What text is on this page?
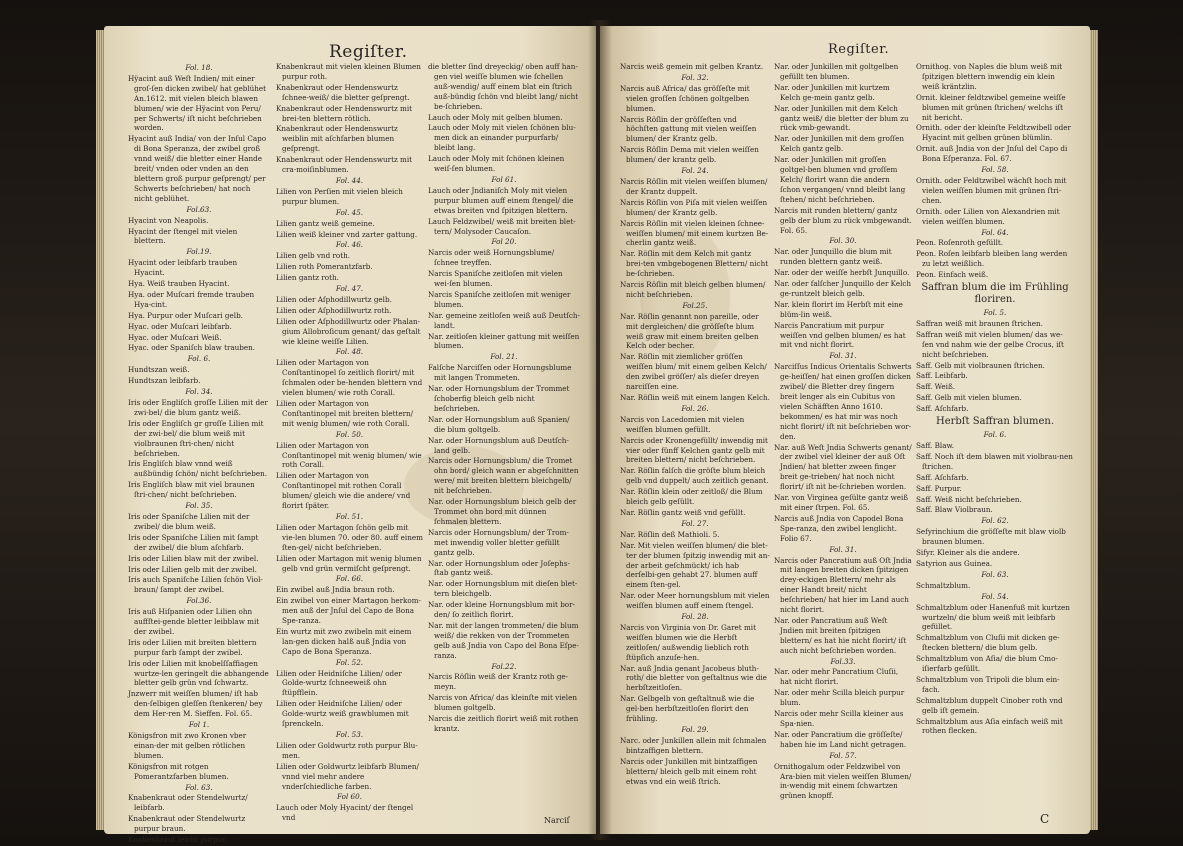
Regiſter.

Fol. 18.

Hÿacint auß Weſt Indien/ mit einer groſ-ſen dicken zwibel/ hat geblühet An.1612. mit vielen bleich blawen blumen/ wie der Hÿacint von Peru/ per Schwerts/ iſt nicht beſchrieben worden.

Hyacint auß India/ von der Inſul Capo di Bona Speranza, der zwibel groß vnnd weiß/ die bletter einer Hande breit/ vnden oder vnden an den blettern groß purpur geſprengt/ per Schwerts beſchrieben/ hat noch nicht geblühet.

Fol.63.

Hyacint von Neapolis.

Hyacint der ſtengel mit vielen blettern.

Fol.19.

Hyacint oder leibfarb trauben Hyacint.

Hya. Weiß trauben Hyacint.

Hya. oder Muſcari fremde trauben Hya-cint.

Hya. Purpur oder Muſcari gelb.

Hyac. oder Muſcari leibfarb.

Hyac. oder Muſcari Weiß.

Hyac. oder Spaniſch blaw trauben.

Fol. 6.

Hundtszan weiß.

Hundtszan leibfarb.

Fol. 34.

Iris oder Engliſch groſſe Lilien mit der zwi-bel/ die blum gantz weiß.

Iris oder Engliſch gr groſſe Lilien mit der zwi-bel/ die blum weiß mit violbraunen ſtri-chen/ nicht beſchrieben.

Iris Engliſch blaw vnnd weiß außbündig ſchön/ nicht beſchrieben.

Iris Engliſch blaw mit viel braunen ſtri-chen/ nicht beſchrieben.

Fol. 35.

Iris oder Spaniſche Lilien mit der zwibel/ die blum weiß.

Iris oder Spaniſche Lilien mit ſampt der zwibel/ die blum aſchfarb.

Iris oder Lilien blaw mit der zwibel.

Iris oder Lilien gelb mit der zwibel.

Iris auch Spaniſche Lilien ſchön Viol-braun/ ſampt der zwibel.

Fol.36.

Iris auß Hiſpanien oder Lilien ohn auffſtei-gende bletter leibblaw mit der zwibel.

Iris oder Lilien mit breiten blettern purpur farb ſampt der zwibel.

Iris oder Lilien mit knobelſſaffiagen wurtze-len geringelt die abhangende bletter gelb grün vnd ſchwartz.

Jnzwerr mit weiſſen blumen/ iſt hab den-ſelbigen gleſſen ſtenkeren/ bey dem Her-ren M. Sieffen. Fol. 65.

Fol 1.

Königsfron mit zwo Kronen vber einan-der mit gelben rötlichen blumen.

Königsfron mit rotgen Pomerantzfarben blumen.

Fol. 63.

Knabenkraut oder Stendelwurtz/ leibfarb.

Knabenkraut oder Stendelwurtz purpur braun.

Knabenkraut leicht purpur.

Knabenkraut mit vielen kleinen Blumen purpur roth.

Knabenkraut oder Hendenswurtz ſchnee-weiß/ die bletter geſprengt.

Knabenkraut oder Hendenswurtz mit brei-ten blettern rötlich.

Knabenkraut oder Hendenswurtz weiblin mit aſchfarben blumen geſprengt.

Knabenkraut oder Hendenswurtz mit cra-moiſinblumen.

Fol. 44.

Lilien von Perſien mit vielen bleich purpur blumen.

Fol. 45.

Lilien gantz weiß gemeine.

Lilien weiß kleiner vnd zarter gattung.

Fol. 46.

Lilien gelb vnd roth.

Lilien roth Pomerantzfarb.

Lilien gantz roth.

Fol. 47.

Lilien oder Aſphodillwurtz gelb.

Lilien oder Aſphodillwurtz roth.

Lilien oder Aſphodillwurtz oder Phalan-gium Allobroſicum genant/ das geſtalt wie kleine weiſſe Lilien.

Fol. 48.

Lilien oder Martagon von Conſtantinopel ſo zeitlich florirt/ mit ſchmalen oder be-henden blettern vnd vielen blumen/ wie roth Corall.

Lilien oder Martagon von Conſtantinopel mit breiten blettern/ mit wenig blumen/ wie roth Corall.

Fol. 50.

Lilien oder Martagon von Conſtantinopel mit wenig blumen/ wie roth Corall.

Lilien oder Martagon von Conſtantinopel mit rothen Corall blumen/ gleich wie die andere/ vnd florirt ſpäter.

Fol. 51.

Lilien oder Martagon ſchön gelb mit vie-len blumen 70. oder 80. auff einem ſten-gel/ nicht beſchrieben.

Lilien oder Martagon mit wenig blumen gelb vnd grün vermiſcht geſprengt.

Fol. 66.

Ein zwibel auß Jndia braun roth.

Ein zwibel von einer Martagon herkom-men auß der Jnſul del Capo de Bona Spe-ranza.

Ein wurtz mit zwo zwibeln mit einem lan-gen dicken halß auß Jndia von Capo de Bona Speranza.

Fol. 52.

Lilien oder Heidniſche Lilien/ oder Golde-wurtz ſchneeweiß ohn ſtüpfflein.

Lilien oder Heidniſche Lilien/ oder Golde-wurtz weiß grawblumen mit ſprenckeln.

Fol. 53.

Lilien oder Goldwurtz roth purpur Blu-men.

Lilien oder Goldwurtz leibfarb Blumen/ vnnd viel mehr andere vnderſchiedliche farben.

Fol 60.

Lauch oder Moly Hyacint/ der ſtengel vnd

die bletter ſind dreyeckig/ oben auff han-gen viel weiſſe blumen wie ſchellen auß-wendig/ auff einem blat ein ſtrich auß-bündig ſchön vnd bleibt lang/ nicht be-ſchrieben.

Lauch oder Moly mit gelben blumen.

Lauch oder Moly mit vielen ſchönen blu-men dick an einander purpurfarb/ bleibt lang.

Lauch oder Moly mit ſchönen kleinen weiſ-ſen blumen.

Fol 61.

Lauch oder Jndianiſch Moly mit vielen purpur blumen auff einem ſtengel/ die etwas breiten vnd ſpitzigen blettern.

Lauch Feldzwibel/ weiß mit breiten blet-tern/ Molysoder Caucaſon.

Fol 20.

Narcis oder weiß Hornungsblume/ ſchnee treyffen.

Narcis Spaniſche zeitloſen mit vielen wei-ſen blumen.

Narcis Spaniſche zeitloſen mit weniger blumen.

Nar. gemeine zeitloſen weiß auß Deutſch-landt.

Nar. zeitloſen kleiner gattung mit weiſſen blumen.

Fol. 21.

Falſche Narciſſen oder Hornungsblume mit langen Trommeten.

Nar. oder Hornungsblum der Trommet ſchoberfig bleich gelb nicht beſchrieben.

Nar. oder Hornungsblum auß Spanien/ die blum goltgelb.

Nar. oder Hornungsblum auß Deutſch-land gelb.

Narcis oder Hornungsblum/ die Tromet ohn bord/ gleich wann er abgeſchnitten were/ mit breiten blettern bleichgelb/ nit beſchrieben.

Nar. oder Hornungsblum bleich gelb der Trommet ohn bord mit dünnen ſchmalen blettern.

Narcis oder Hornungsblum/ der Trom-met inwendig voller bletter gefüllt gantz gelb.

Nar. oder Hornungsblum oder Joſephs-ſtab gantz weiß.

Nar. oder Hornungsblum mit dieſen blet-tern bleichgelb.

Nar. oder kleine Hornungsblum mit bor-den/ ſo zeitlich florirt.

Nar. mit der langen trommeten/ die blum weiß/ die rekken von der Trommeten gelb auß Jndia von Capo del Bona Eſpe-ranza.

Fol.22.

Narcis Röſlin weiß der Krantz roth ge-meyn.

Narcis von Africa/ das kleinſte mit vielen blumen goltgelb.

Narcis die zeitlich florirt weiß mit rothen krantz.

Narciſ
Regiſter.

Narcis weiß gemein mit gelben Krantz.

Fol. 32.

Narcis auß Africa/ das gröſſeſte mit vielen groſſen ſchönen goltgelben blumen.

Narcis Röſlin der gröſſeſten vnd höchſten gattung mit vielen weiſſen blumen/ der Krantz gelb.

Narcis Röſlin Dema mit vielen weiſſen blumen/ der krantz gelb.

Fol. 24.

Narcis Röſlin mit vielen weiſſen blumen/ der Krantz duppelt.

Narcis Röſlin von Piſa mit vielen weiſſen blumen/ der Krantz gelb.

Narcis Röſlin mit vielen kleinen ſchnee-weiſſen blumen/ mit einem kurtzen Be-cherlin gantz weiß.

Nar. Röſlin mit dem Kelch mit gantz brei-ten vmbgebogenen Blettern/ nicht be-ſchrieben.

Narcis Röſlin mit bleich gelben blumen/ nicht beſchrieben.

Fol.25.

Nar. Röſlin genannt non pareille, oder mit dergleichen/ die gröſſeſte blum weiß graw mit einem breiten gelben Kelch oder becher.

Nar. Röſlin mit ziemlicher gröſſen weiſſen blum/ mit einem gelben Kelch/ den zwibel gröſſer/ als dieſer dreyen narciſſen eine.

Nar. Röſlin weiß mit einem langen Kelch.

Fol. 26.

Narcis von Lacedomien mit vielen weiſſen blumen gefüllt.

Narcis oder Kronengefüllt/ inwendig mit vier oder fünff Kelchen gantz gelb mit breiten blettern/ nicht beſchrieben.

Nar. Röſlin falſch die gröſte blum bleich gelb vnd duppelt/ auch zeitlich genant.

Nar. Röſlin klein oder zeitloß/ die Blum bleich gelb geſüllt.

Nar. Röſlin gantz weiß vnd gefüllt.

Fol. 27.

Nar. Röſlin deß Mathioli. 5.

Nar. Mit vielen weiſſen blumen/ die blet-ter der blumen ſpitzig inwendig mit an-der arbeit geſchmückt/ ich hab derſelbi-gen gehabt 27. blumen auff einem ſten-gel.

Nar. oder Meer hornungsblum mit vielen weiſſen blumen auff einem ſtengel.

Fol. 28.

Narcis von Virginia von Dr. Garet mit weiſſen blumen wie die Herbſt zeitloſen/ außwendig lieblich roth ſtüpſich anzuſe-hen.

Nar. auß Jndia genant Jacobeus bluth-roth/ die bletter von geſtaltnus wie die herbſtzeitloſen.

Nar. Gelbgelb von geſtaltnuß wie die gel-ben herbſtzeitloſen florirt den frühling.

Fol. 29.

Narc. oder Junkillen allein mit ſchmalen bintzaffigen blettern.

Narcis oder Junkillen mit bintzaffigen blettern/ bleich gelb mit einem roht etwas vnd ein weiß ſtrich.

Nar. oder Junkillen mit goltgelben gefüllt ten blumen.

Nar. oder Junkillen mit kurtzem Kelch ge-mein gantz gelb.

Nar. oder Junkillen mit dem Kelch gantz weiß/ die bletter der blum zu rück vmb-gewandt.

Nar. oder Junkillen mit dem groſſen Kelch gantz gelb.

Nar. oder Junkillen mit groſſen goltgel-ben blumen vnd groſſem Kelch/ florirt wann die andern ſchon vergangen/ vnnd bleibt lang ſtehen/ nicht beſchrieben.

Narcis mit runden blettern/ gantz gelb der blum zu rück vmbgewandt. Fol. 65.

Fol. 30.

Nar. oder Junquillo die blum mit runden blettern gantz weiß.

Nar. oder der weiſſe herbſt Junquillo.

Nar. oder falſcher Junquillo der Kelch ge-runtzelt bleich gelb.

Nar. klein florirt im Herbſt mit eine blüm-lin weiß.

Narcis Pancratium mit purpur weiſſen vnd gelben blumen/ es hat mit vnd nicht florirt.

Fol. 31.

Narciſſus Indicus Orientalis Schwerts ge-heiſſen/ hat einen groſſen dicken zwibel/ die Bletter drey ſingern breit lenger als ein Cubitus von vielen Schäfften Anno 1610. bekommen/ es hat mir was noch nicht florirt/ iſt nit beſchrieben wor-den.

Nar. auß Weſt Jndia Schwerts genant/ der zwibel viel kleiner der auß Oſt Jndien/ hat bletter zween finger breit ge-trieben/ hat noch nicht florirt/ iſt nit be-ſchrieben worden.

Nar. von Virginea geſülte gantz weiß mit einer ſtrpen. Fol. 65.

Narcis auß Jndia von Capodel Bona Spe-ranza, den zwibel lenglicht. Folio 67.

Fol. 31.

Narcis oder Pancratium auß Oſt Jndia mit langen breiten dicken ſpitzigen drey-eckigen Blettern/ mehr als einer Handt breit/ nicht beſchrieben/ hat hier im Land auch nicht florirt.

Nar. oder Pancratium auß Weſt Jndien mit breiten ſpitzigen blettern/ es hat hie nicht florirt/ iſt auch nicht beſchrieben worden.

Fol.33.

Nar. oder mehr Pancratium Cluſii, hat nicht florirt.

Nar. oder mehr Scilla bleich purpur blum.

Narcis oder mehr Scilla kleiner aus Spa-nien.

Nar. oder Pancratium die gröſſeſte/ haben hie im Land nicht getragen.

Fol. 57.

Ornithogalum oder Feldzwibel von Ara-bien mit vielen weiſſen Blumen/ in-wendig mit einem ſchwartzen grünen knopff.

Ornithog. von Naples die blum weiß mit ſpitzigen blettern inwendig ein klein weiß kräntzlin.

Ornit. kleiner feldtzwibel gemeine weiſſe blumen mit grünen ſtrichen/ welchs iſt nit bericht.

Ornith. oder der kleinſte Feldtzwibell oder Hyacint mit gelben grünen blümlin.

Ornit. auß Jndia von der Jnſul del Capo di Bona Eſperanza. Fol. 67.

Fol. 58.

Ornith. oder Feldtzwibel wächſt hoch mit vielen weiſſen blumen mit grünen ſtri-chen.

Ornith. oder Lilien von Alexandrien mit vielen weiſſen blumen.

Fol. 64.

Peon. Roſenroth geſüllt.

Peon. Roſen leibfarb bleiben lang werden zu letzt weißlich.

Peon. Einfach weiß.

Saffran blum die im Frühling floriren.

Fol. 5.

Saffran weiß mit braunen ſtrichen.

Saffran weiß mit vielen blumen/ das we-ſen vnd nahm wie der gelbe Crocus, iſt nicht beſchrieben.

Saff. Gelb mit violbraunen ſtrichen.

Saff. Leibfarb.

Saff. Weiß.

Saff. Gelb mit vielen blumen.

Saff. Aſchfarb.

Herbſt Saffran blumen.

Fol. 6.

Saff. Blaw.

Saff. Noch iſt dem blawen mit violbrau-nen ſtrichen.

Saff. Aſchfarb.

Saff. Purpur.

Saff. Weiß nicht beſchrieben.

Saff. Blaw Violbraun.

Fol. 62.

Sefyrinchium die gröſſeſte mit blaw violb braunen blumen.

Sifyr. Kleiner als die andere.

Satyrion aus Guinea.

Fol. 63.

Schmaltzblum.

Fol. 54.

Schmaltzblum oder Hanenfuß mit kurtzen wurtzeln/ die blum weiß mit leibfarb gefüllet.

Schmaltzblum von Cluſii mit dicken ge-ſtecken blettern/ die blum gelb.

Schmaltzblum von Aſia/ die blum Cmo-iſierfarb geſüllt.

Schmaltzblum von Tripoli die blum ein-fach.

Schmaltzblum duppelt Cinober roth vnd gelb iſt gemein.

Schmaltzblum aus Aſia einfach weiß mit rothen flecken.

C
